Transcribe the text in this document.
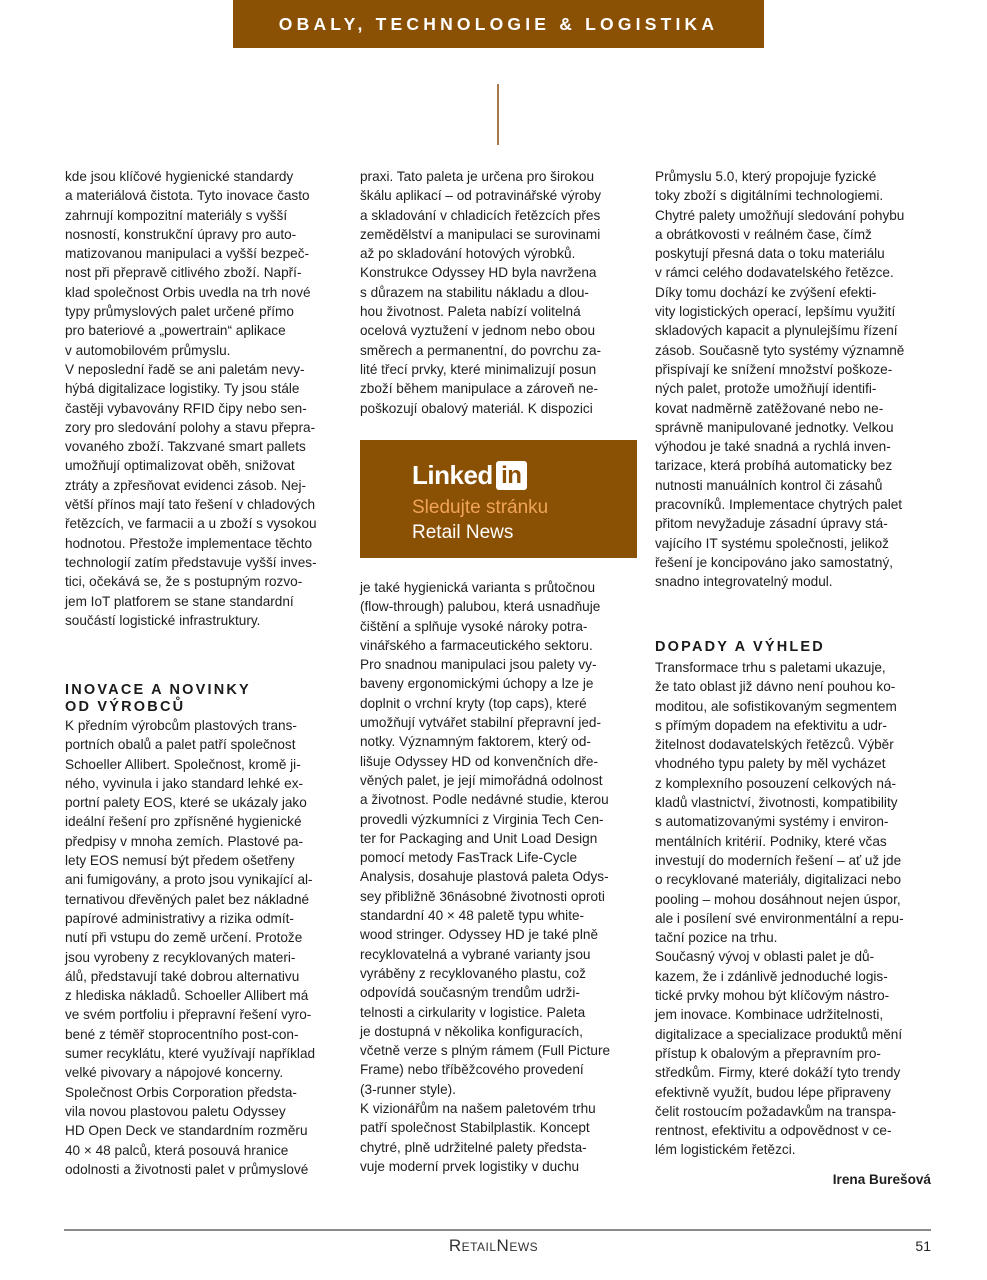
OBALY, TECHNOLOGIE & LOGISTIKA

kde jsou klíčové hygienické standardy

a materiálová čistota. Tyto inovace často

zahrnují kompozitní materiály s vyšší

nosností, konstrukční úpravy pro auto-

matizovanou manipulaci a vyšší bezpeč-

nost při přepravě citlivého zboží. Napří-

klad společnost Orbis uvedla na trh nové

typy průmyslových palet určené přímo

pro bateriové a „powertrain“ aplikace

v automobilovém průmyslu.

V neposlední řadě se ani paletám nevy-

hýbá digitalizace logistiky. Ty jsou stále

častěji vybavovány RFID čipy nebo sen-

zory pro sledování polohy a stavu přepra-

vovaného zboží. Takzvané smart pallets

umožňují optimalizovat oběh, snižovat

ztráty a zpřesňovat evidenci zásob. Nej-

větší přínos mají tato řešení v chladových

řetězcích, ve farmacii a u zboží s vysokou

hodnotou. Přestože implementace těchto

technologií zatím představuje vyšší inves-

tici, očekává se, že s postupným rozvo-

jem IoT platforem se stane standardní

součástí logistické infrastruktury.

INOVACE A NOVINKY

OD VÝROBCŮ

K předním výrobcům plastových trans-

portních obalů a palet patří společnost

Schoeller Allibert. Společnost, kromě ji-

ného, vyvinula i jako standard lehké ex-

portní palety EOS, které se ukázaly jako

ideální řešení pro zpřísněné hygienické

předpisy v mnoha zemích. Plastové pa-

lety EOS nemusí být předem ošetřeny

ani fumigovány, a proto jsou vynikající al-

ternativou dřevěných palet bez nákladné

papírové administrativy a rizika odmít-

nutí při vstupu do země určení. Protože

jsou vyrobeny z recyklovaných materi-

álů, představují také dobrou alternativu

z hlediska nákladů. Schoeller Allibert má

ve svém portfoliu i přepravní řešení vyro-

bené z téměř stoprocentního post-con-

sumer recyklátu, které využívají například

velké pivovary a nápojové koncerny.

Společnost Orbis Corporation předsta-

vila novou plastovou paletu Odyssey

HD Open Deck ve standardním rozměru

40 × 48 palců, která posouvá hranice

odolnosti a životnosti palet v průmyslové

praxi. Tato paleta je určena pro širokou

škálu aplikací – od potravinářské výroby

a skladování v chladicích řetězcích přes

zemědělství a manipulaci se surovinami

až po skladování hotových výrobků.

Konstrukce Odyssey HD byla navržena

s důrazem na stabilitu nákladu a dlou-

hou životnost. Paleta nabízí volitelná

ocelová vyztužení v jednom nebo obou

směrech a permanentní, do povrchu za-

lité třecí prvky, které minimalizují posun

zboží během manipulace a zároveň ne-

poškozují obalový materiál. K dispozici

Linked in
Sledujte stránku
Retail News

je také hygienická varianta s průtočnou

(flow-through) palubou, která usnadňuje

čištění a splňuje vysoké nároky potra-

vinářského a farmaceutického sektoru.

Pro snadnou manipulaci jsou palety vy-

baveny ergonomickými úchopy a lze je

doplnit o vrchní kryty (top caps), které

umožňují vytvářet stabilní přepravní jed-

notky. Významným faktorem, který od-

lišuje Odyssey HD od konvenčních dře-

věných palet, je její mimořádná odolnost

a životnost. Podle nedávné studie, kterou

provedli výzkumníci z Virginia Tech Cen-

ter for Packaging and Unit Load Design

pomocí metody FasTrack Life-Cycle

Analysis, dosahuje plastová paleta Odys-

sey přibližně 36násobné životnosti oproti

standardní 40 × 48 paletě typu white-

wood stringer. Odyssey HD je také plně

recyklovatelná a vybrané varianty jsou

vyráběny z recyklovaného plastu, což

odpovídá současným trendům udrži-

telnosti a cirkularity v logistice. Paleta

je dostupná v několika konfiguracích,

včetně verze s plným rámem (Full Picture

Frame) nebo tříběžcového provedení

(3-runner style).

K vizionářům na našem paletovém trhu

patří společnost Stabilplastik. Koncept

chytré, plně udržitelné palety předsta-

vuje moderní prvek logistiky v duchu

Průmyslu 5.0, který propojuje fyzické

toky zboží s digitálními technologiemi.

Chytré palety umožňují sledování pohybu

a obrátkovosti v reálném čase, čímž

poskytují přesná data o toku materiálu

v rámci celého dodavatelského řetězce.

Díky tomu dochází ke zvýšení efekti-

vity logistických operací, lepšímu využití

skladových kapacit a plynulejšímu řízení

zásob. Současně tyto systémy významně

přispívají ke snížení množství poškoze-

ných palet, protože umožňují identifi-

kovat nadměrně zatěžované nebo ne-

správně manipulované jednotky. Velkou

výhodou je také snadná a rychlá inven-

tarizace, která probíhá automaticky bez

nutnosti manuálních kontrol či zásahů

pracovníků. Implementace chytrých palet

přitom nevyžaduje zásadní úpravy stá-

vajícího IT systému společnosti, jelikož

řešení je koncipováno jako samostatný,

snadno integrovatelný modul.

DOPADY A VÝHLED

Transformace trhu s paletami ukazuje,

že tato oblast již dávno není pouhou ko-

moditou, ale sofistikovaným segmentem

s přímým dopadem na efektivitu a udr-

žitelnost dodavatelských řetězců. Výběr

vhodného typu palety by měl vycházet

z komplexního posouzení celkových ná-

kladů vlastnictví, životnosti, kompatibility

s automatizovanými systémy i environ-

mentálních kritérií. Podniky, které včas

investují do moderních řešení – ať už jde

o recyklované materiály, digitalizaci nebo

pooling – mohou dosáhnout nejen úspor,

ale i posílení své environmentální a repu-

tační pozice na trhu.

Současný vývoj v oblasti palet je dů-

kazem, že i zdánlivě jednoduché logis-

tické prvky mohou být klíčovým nástro-

jem inovace. Kombinace udržitelnosti,

digitalizace a specializace produktů mění

přístup k obalovým a přepravním pro-

středkům. Firmy, které dokáží tyto trendy

efektivně využít, budou lépe připraveny

čelit rostoucím požadavkům na transpa-

rentnost, efektivitu a odpovědnost v ce-

lém logistickém řetězci.

Irena Burešová
RetailNews	51
